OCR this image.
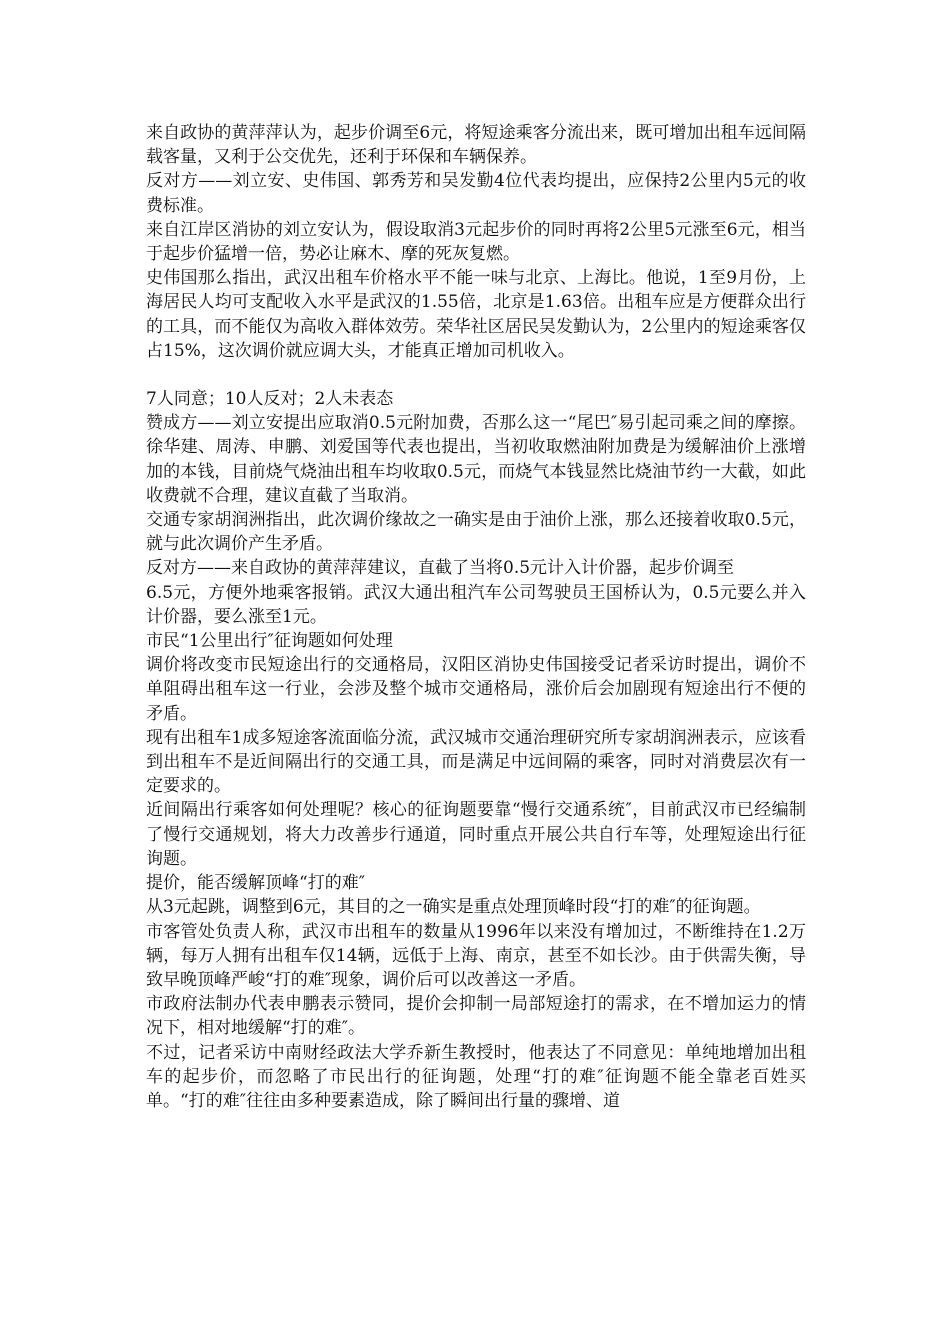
来自政协的黄萍萍认为，起步价调至6元，将短途乘客分流出来，既可增加出租车远间隔载客量，又利于公交优先，还利于环保和车辆保养。

反对方——刘立安、史伟国、郭秀芳和吴发勤4位代表均提出，应保持2公里内5元的收费标准。

来自江岸区消协的刘立安认为，假设取消3元起步价的同时再将2公里5元涨至6元，相当于起步价猛增一倍，势必让麻木、摩的死灰复燃。

史伟国那么指出，武汉出租车价格水平不能一味与北京、上海比。他说，1至9月份，上海居民人均可支配收入水平是武汉的1.55倍，北京是1.63倍。出租车应是方便群众出行的工具，而不能仅为高收入群体效劳。荣华社区居民吴发勤认为，2公里内的短途乘客仅占15%，这次调价就应调大头，才能真正增加司机收入。

7人同意；10人反对；2人未表态

赞成方——刘立安提出应取消0.5元附加费，否那么这一“尾巴″易引起司乘之间的摩擦。徐华建、周涛、申鹏、刘爱国等代表也提出，当初收取燃油附加费是为缓解油价上涨增加的本钱，目前烧气烧油出租车均收取0.5元，而烧气本钱显然比烧油节约一大截，如此收费就不合理，建议直截了当取消。

交通专家胡润洲指出，此次调价缘故之一确实是由于油价上涨，那么还接着收取0.5元，就与此次调价产生矛盾。

反对方——来自政协的黄萍萍建议，直截了当将0.5元计入计价器，起步价调至

6.5元，方便外地乘客报销。武汉大通出租汽车公司驾驶员王国桥认为，0.5元要么并入计价器，要么涨至1元。

市民“1公里出行″征询题如何处理

调价将改变市民短途出行的交通格局，汉阳区消协史伟国接受记者采访时提出，调价不单阻碍出租车这一行业，会涉及整个城市交通格局，涨价后会加剧现有短途出行不便的矛盾。

现有出租车1成多短途客流面临分流，武汉城市交通治理研究所专家胡润洲表示，应该看到出租车不是近间隔出行的交通工具，而是满足中远间隔的乘客，同时对消费层次有一定要求的。

近间隔出行乘客如何处理呢？核心的征询题要靠“慢行交通系统″，目前武汉市已经编制了慢行交通规划，将大力改善步行通道，同时重点开展公共自行车等，处理短途出行征询题。

提价，能否缓解顶峰“打的难″

从3元起跳，调整到6元，其目的之一确实是重点处理顶峰时段“打的难″的征询题。

市客管处负责人称，武汉市出租车的数量从1996年以来没有增加过，不断维持在1.2万辆，每万人拥有出租车仅14辆，远低于上海、南京，甚至不如长沙。由于供需失衡，导致早晚顶峰严峻“打的难″现象，调价后可以改善这一矛盾。

市政府法制办代表申鹏表示赞同，提价会抑制一局部短途打的需求，在不增加运力的情况下，相对地缓解“打的难″。

不过，记者采访中南财经政法大学乔新生教授时，他表达了不同意见：单纯地增加出租车的起步价，而忽略了市民出行的征询题，处理“打的难″征询题不能全靠老百姓买单。“打的难″往往由多种要素造成，除了瞬间出行量的骤增、道
